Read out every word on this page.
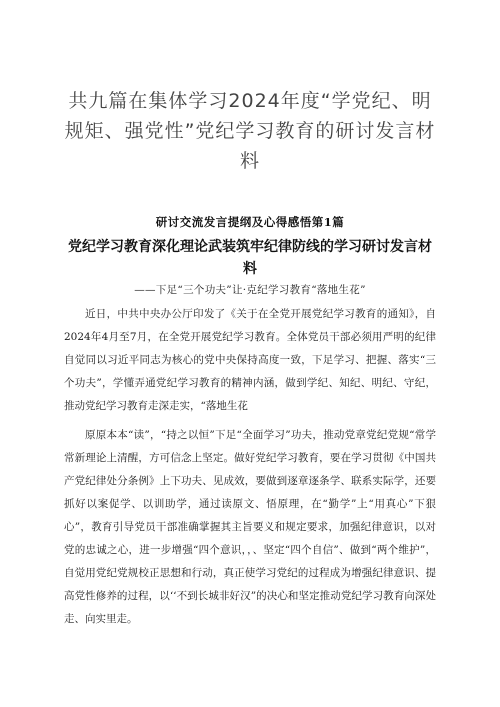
共九篇在集体学习2024年度“学党纪、明规矩、强党性”党纪学习教育的研讨发言材料
研讨交流发言提纲及心得感悟第1篇
党纪学习教育深化理论武装筑牢纪律防线的学习研讨发言材料
——下足“三个功夫”让·克纪学习教育“落地生花”

近日，中共中央办公厅印发了《关于在全党开展党纪学习教育的通知》，自2024年4月至7月，在全党开展党纪学习教育。全体党员干部必须用严明的纪律自觉同以习近平同志为核心的党中央保持高度一致，下足学习、把握、落实“三个功夫”，学懂弄通党纪学习教育的精神内涵，做到学纪、知纪、明纪、守纪，推动党纪学习教育走深走实，“落地生花

原原本本“读”，“持之以恒”下足“全面学习”功夫，推动党章党纪党规“常学常新理论上清醒，方可信念上坚定。做好党纪学习教育，要在学习贯彻《中国共产党纪律处分条例》上下功夫、见成效，要做到逐章逐条学、联系实际学，还要抓好以案促学、以训助学，通过读原文、悟原理，在“勤学”上“用真心”下狠心”，教育引导党员干部准确掌握其主旨要义和规定要求，加强纪律意识，以对党的忠诚之心，进一步增强“四个意识，，、坚定“四个自信”、做到“两个维护”，自觉用党纪党规校正思想和行动，真正使学习党纪的过程成为增强纪律意识、提高党性修养的过程，以‘‘不到长城非好汉”的决心和坚定推动党纪学习教育向深处走、向实里走。
